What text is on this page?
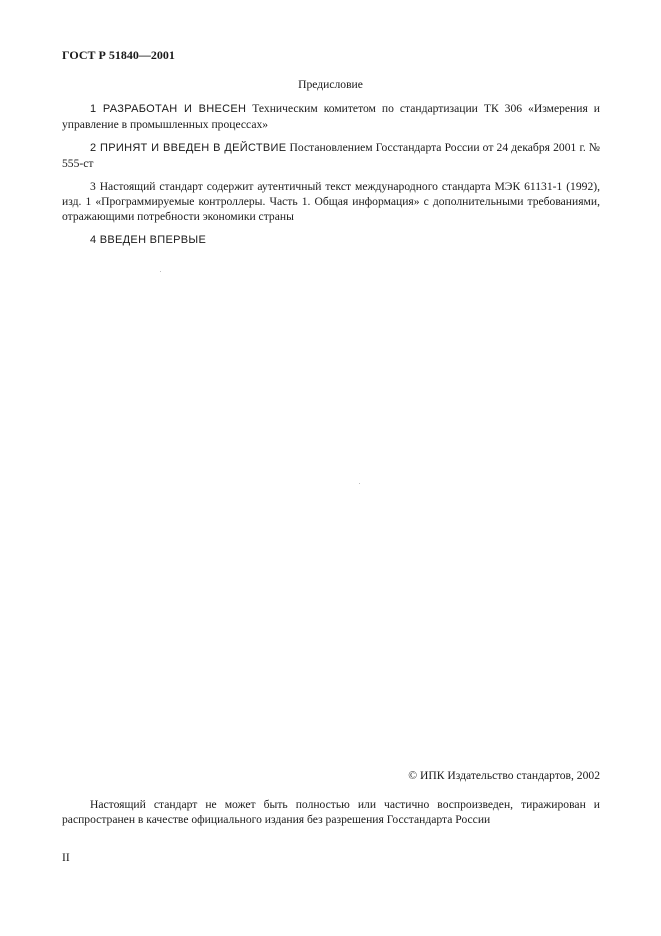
ГОСТ Р 51840—2001
Предисловие

1 РАЗРАБОТАН И ВНЕСЕН Техническим комитетом по стандартизации ТК 306 «Измерения и управление в промышленных процессах»

2 ПРИНЯТ И ВВЕДЕН В ДЕЙСТВИЕ Постановлением Госстандарта России от 24 декабря 2001 г. № 555-ст

3 Настоящий стандарт содержит аутентичный текст международного стандарта МЭК 61131-1 (1992), изд. 1 «Программируемые контроллеры. Часть 1. Общая информация» с дополнительными требованиями, отражающими потребности экономики страны

4 ВВЕДЕН ВПЕРВЫЕ

© ИПК Издательство стандартов, 2002

Настоящий стандарт не может быть полностью или частично воспроизведен, тиражирован и распространен в качестве официального издания без разрешения Госстандарта России

II
